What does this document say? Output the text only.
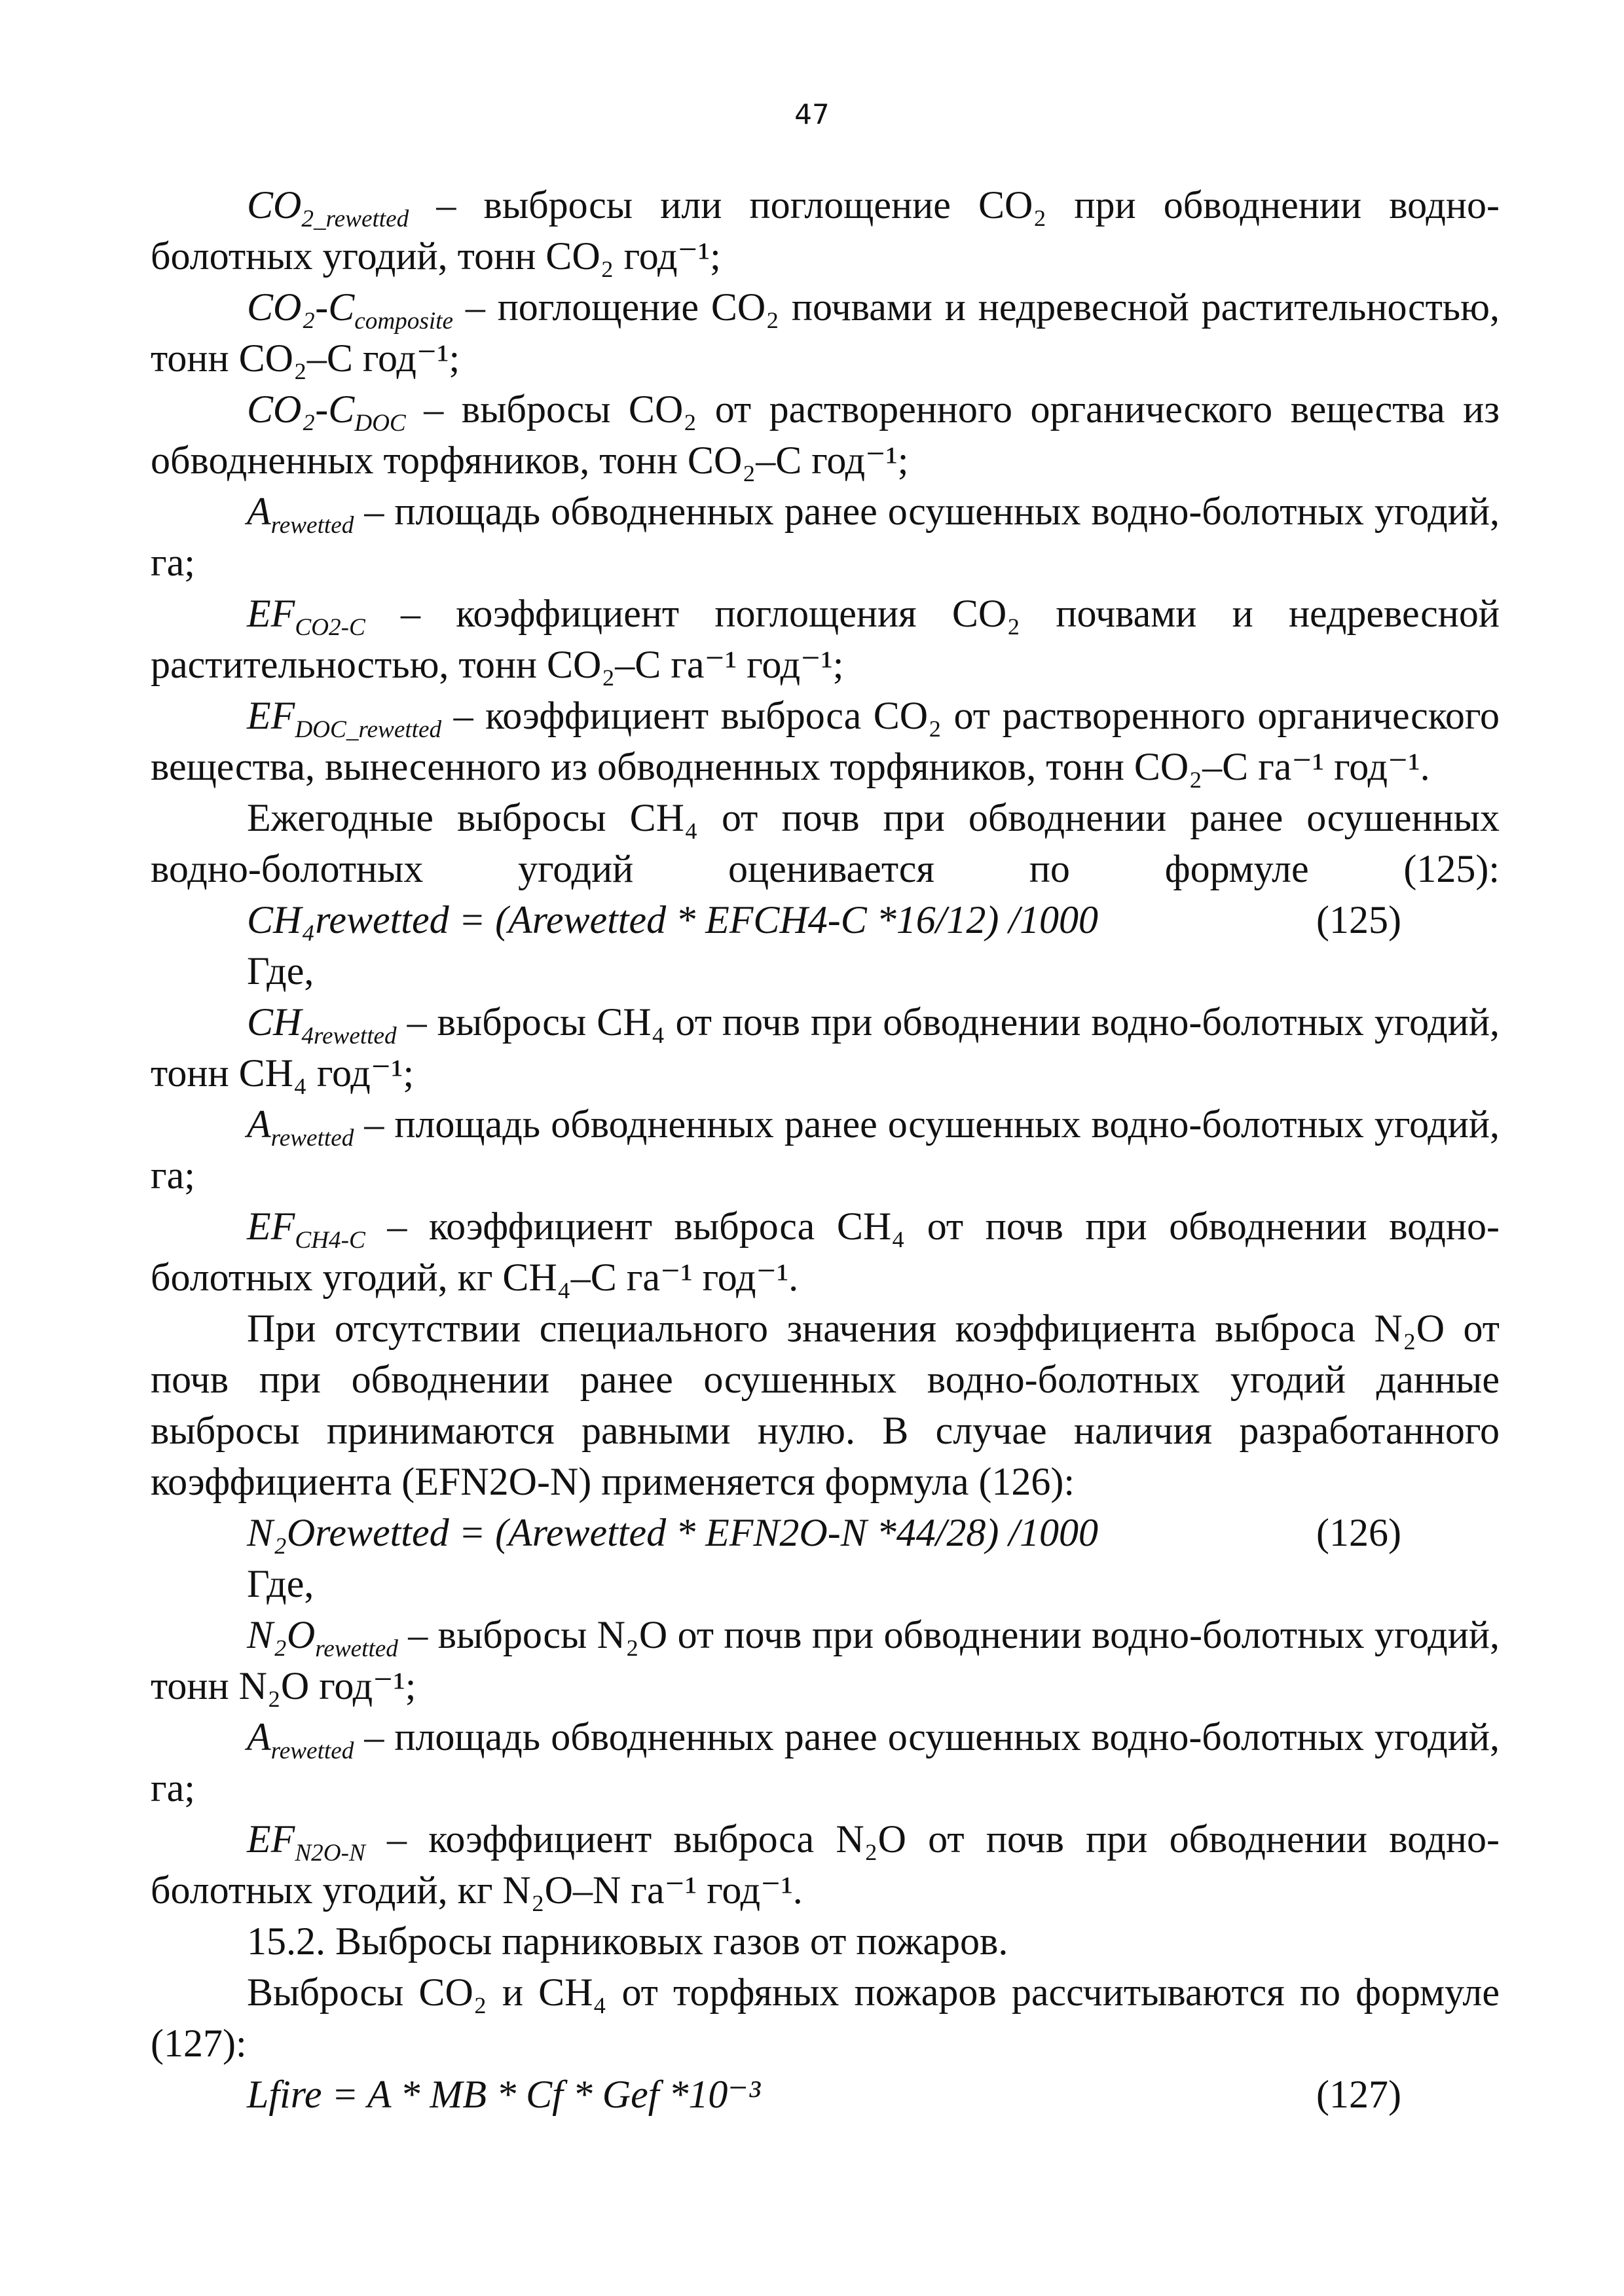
47

$CO_{2\_rewetted}$ – выбросы или поглощение CO₂ при обводнении водно-болотных угодий, тонн CO₂ год⁻¹;

CO₂-$C_{composite}$ – поглощение CO₂ почвами и недревесной растительностью, тонн CO₂–C год⁻¹;

CO₂-$C_{DOC}$ – выбросы CO₂ от растворенного органического вещества из обводненных торфяников, тонн CO₂–C год⁻¹;

$A_{rewetted}$ – площадь обводненных ранее осушенных водно-болотных угодий, га;

$EF_{CO2-C}$ – коэффициент поглощения CO₂ почвами и недревесной растительностью, тонн CO₂–C га⁻¹ год⁻¹;

$EF_{DOC\_rewetted}$ – коэффициент выброса CO₂ от растворенного органического вещества, вынесенного из обводненных торфяников, тонн CO₂–C га⁻¹ год⁻¹.

Ежегодные выбросы CH₄ от почв при обводнении ранее осушенных водно-болотных угодий оценивается по формуле (125):

CH₄rewetted = (Arewetted * EFCH4-C *16/12) /1000	(125)

Где,

$CH_{4rewetted}$ – выбросы CH₄ от почв при обводнении водно-болотных угодий, тонн CH₄ год⁻¹;

$A_{rewetted}$ – площадь обводненных ранее осушенных водно-болотных угодий, га;

$EF_{CH4-C}$ – коэффициент выброса CH₄ от почв при обводнении водно-болотных угодий, кг CH₄–C га⁻¹ год⁻¹.

При отсутствии специального значения коэффициента выброса N₂O от почв при обводнении ранее осушенных водно-болотных угодий данные выбросы принимаются равными нулю. В случае наличия разработанного коэффициента (EFN2O-N) применяется формула (126):

N₂Orewetted = (Arewetted * EFN2O-N *44/28) /1000	(126)

Где,

$N_2O_{rewetted}$ – выбросы N₂O от почв при обводнении водно-болотных угодий, тонн N₂O год⁻¹;

$A_{rewetted}$ – площадь обводненных ранее осушенных водно-болотных угодий, га;

$EF_{N2O-N}$ – коэффициент выброса N₂O от почв при обводнении водно-болотных угодий, кг N₂O–N га⁻¹ год⁻¹.

15.2. Выбросы парниковых газов от пожаров.

Выбросы CO₂ и CH₄ от торфяных пожаров рассчитываются по формуле (127):

Lfire = A * MB * Cf * Gef *10⁻³	(127)
